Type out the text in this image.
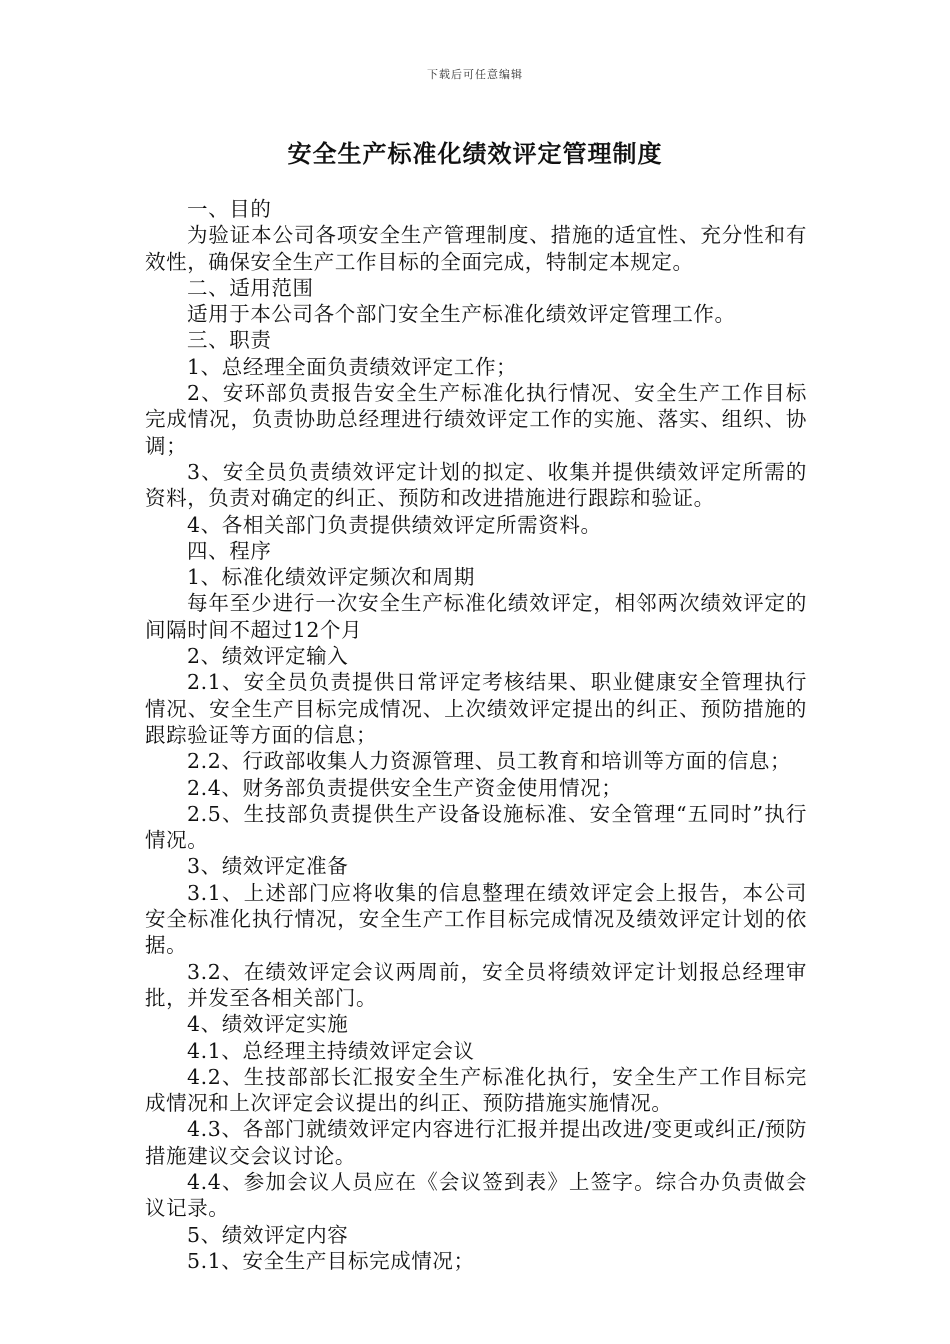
下载后可任意编辑
安全生产标准化绩效评定管理制度

一、目的

为验证本公司各项安全生产管理制度、措施的适宜性、充分性和有效性，确保安全生产工作目标的全面完成，特制定本规定。

二、适用范围

适用于本公司各个部门安全生产标准化绩效评定管理工作。

三、职责

1、总经理全面负责绩效评定工作；

2、安环部负责报告安全生产标准化执行情况、安全生产工作目标完成情况，负责协助总经理进行绩效评定工作的实施、落实、组织、协调；

3、安全员负责绩效评定计划的拟定、收集并提供绩效评定所需的资料，负责对确定的纠正、预防和改进措施进行跟踪和验证。

4、各相关部门负责提供绩效评定所需资料。

四、程序

1、标准化绩效评定频次和周期

每年至少进行一次安全生产标准化绩效评定，相邻两次绩效评定的间隔时间不超过12个月

2、绩效评定输入

2.1、安全员负责提供日常评定考核结果、职业健康安全管理执行情况、安全生产目标完成情况、上次绩效评定提出的纠正、预防措施的跟踪验证等方面的信息；

2.2、行政部收集人力资源管理、员工教育和培训等方面的信息；

2.4、财务部负责提供安全生产资金使用情况；

2.5、生技部负责提供生产设备设施标准、安全管理“五同时”执行情况。

3、绩效评定准备

3.1、上述部门应将收集的信息整理在绩效评定会上报告，本公司安全标准化执行情况，安全生产工作目标完成情况及绩效评定计划的依据。

3.2、在绩效评定会议两周前，安全员将绩效评定计划报总经理审批，并发至各相关部门。

4、绩效评定实施

4.1、总经理主持绩效评定会议

4.2、生技部部长汇报安全生产标准化执行，安全生产工作目标完成情况和上次评定会议提出的纠正、预防措施实施情况。

4.3、各部门就绩效评定内容进行汇报并提出改进/变更或纠正/预防措施建议交会议讨论。

4.4、参加会议人员应在《会议签到表》上签字。综合办负责做会议记录。

5、绩效评定内容

5.1、安全生产目标完成情况；
